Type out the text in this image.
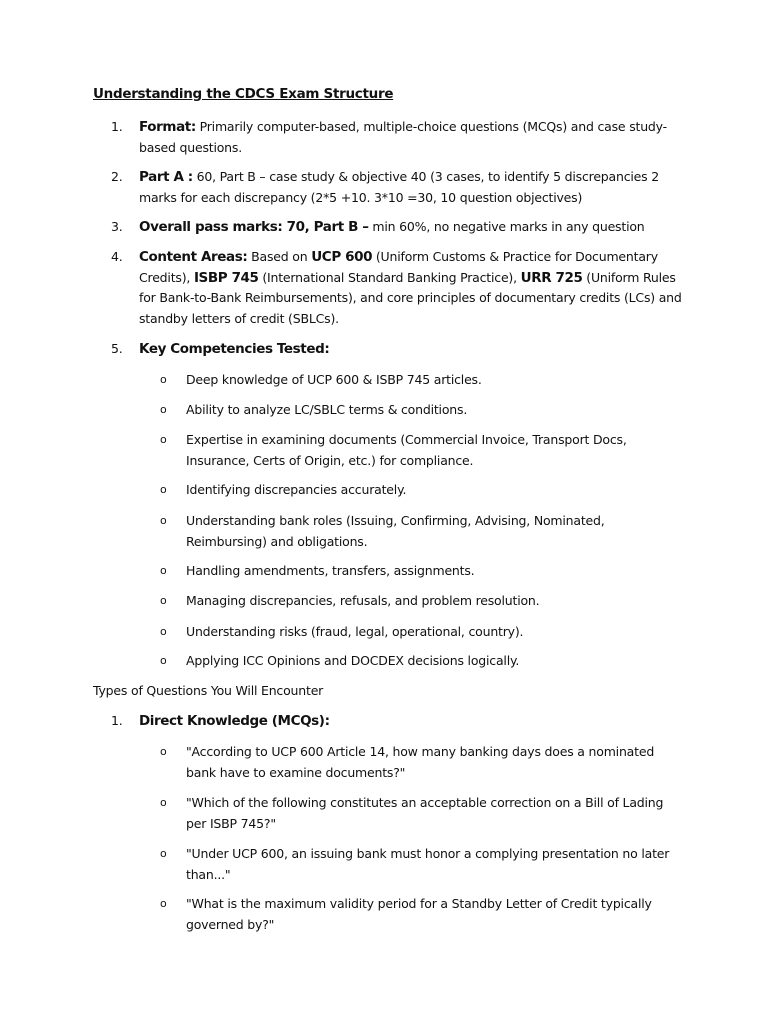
Understanding the CDCS Exam Structure
1.	Format: Primarily computer-based, multiple-choice questions (MCQs) and case study-based questions.
2.	Part A : 60, Part B – case study & objective 40 (3 cases, to identify 5 discrepancies 2 marks for each discrepancy (2*5 +10. 3*10 =30, 10 question objectives)
3.	Overall pass marks: 70, Part B – min 60%, no negative marks in any question
4.	Content Areas: Based on UCP 600 (Uniform Customs & Practice for Documentary Credits), ISBP 745 (International Standard Banking Practice), URR 725 (Uniform Rules for Bank-to-Bank Reimbursements), and core principles of documentary credits (LCs) and standby letters of credit (SBLCs).
5.	Key Competencies Tested:
o Deep knowledge of UCP 600 & ISBP 745 articles.
o Ability to analyze LC/SBLC terms & conditions.
o Expertise in examining documents (Commercial Invoice, Transport Docs, Insurance, Certs of Origin, etc.) for compliance.
o Identifying discrepancies accurately.
o Understanding bank roles (Issuing, Confirming, Advising, Nominated, Reimbursing) and obligations.
o Handling amendments, transfers, assignments.
o Managing discrepancies, refusals, and problem resolution.
o Understanding risks (fraud, legal, operational, country).
o Applying ICC Opinions and DOCDEX decisions logically.
Types of Questions You Will Encounter
1.	Direct Knowledge (MCQs):
o "According to UCP 600 Article 14, how many banking days does a nominated bank have to examine documents?"
o "Which of the following constitutes an acceptable correction on a Bill of Lading per ISBP 745?"
o "Under UCP 600, an issuing bank must honor a complying presentation no later than..."
o "What is the maximum validity period for a Standby Letter of Credit typically governed by?"
